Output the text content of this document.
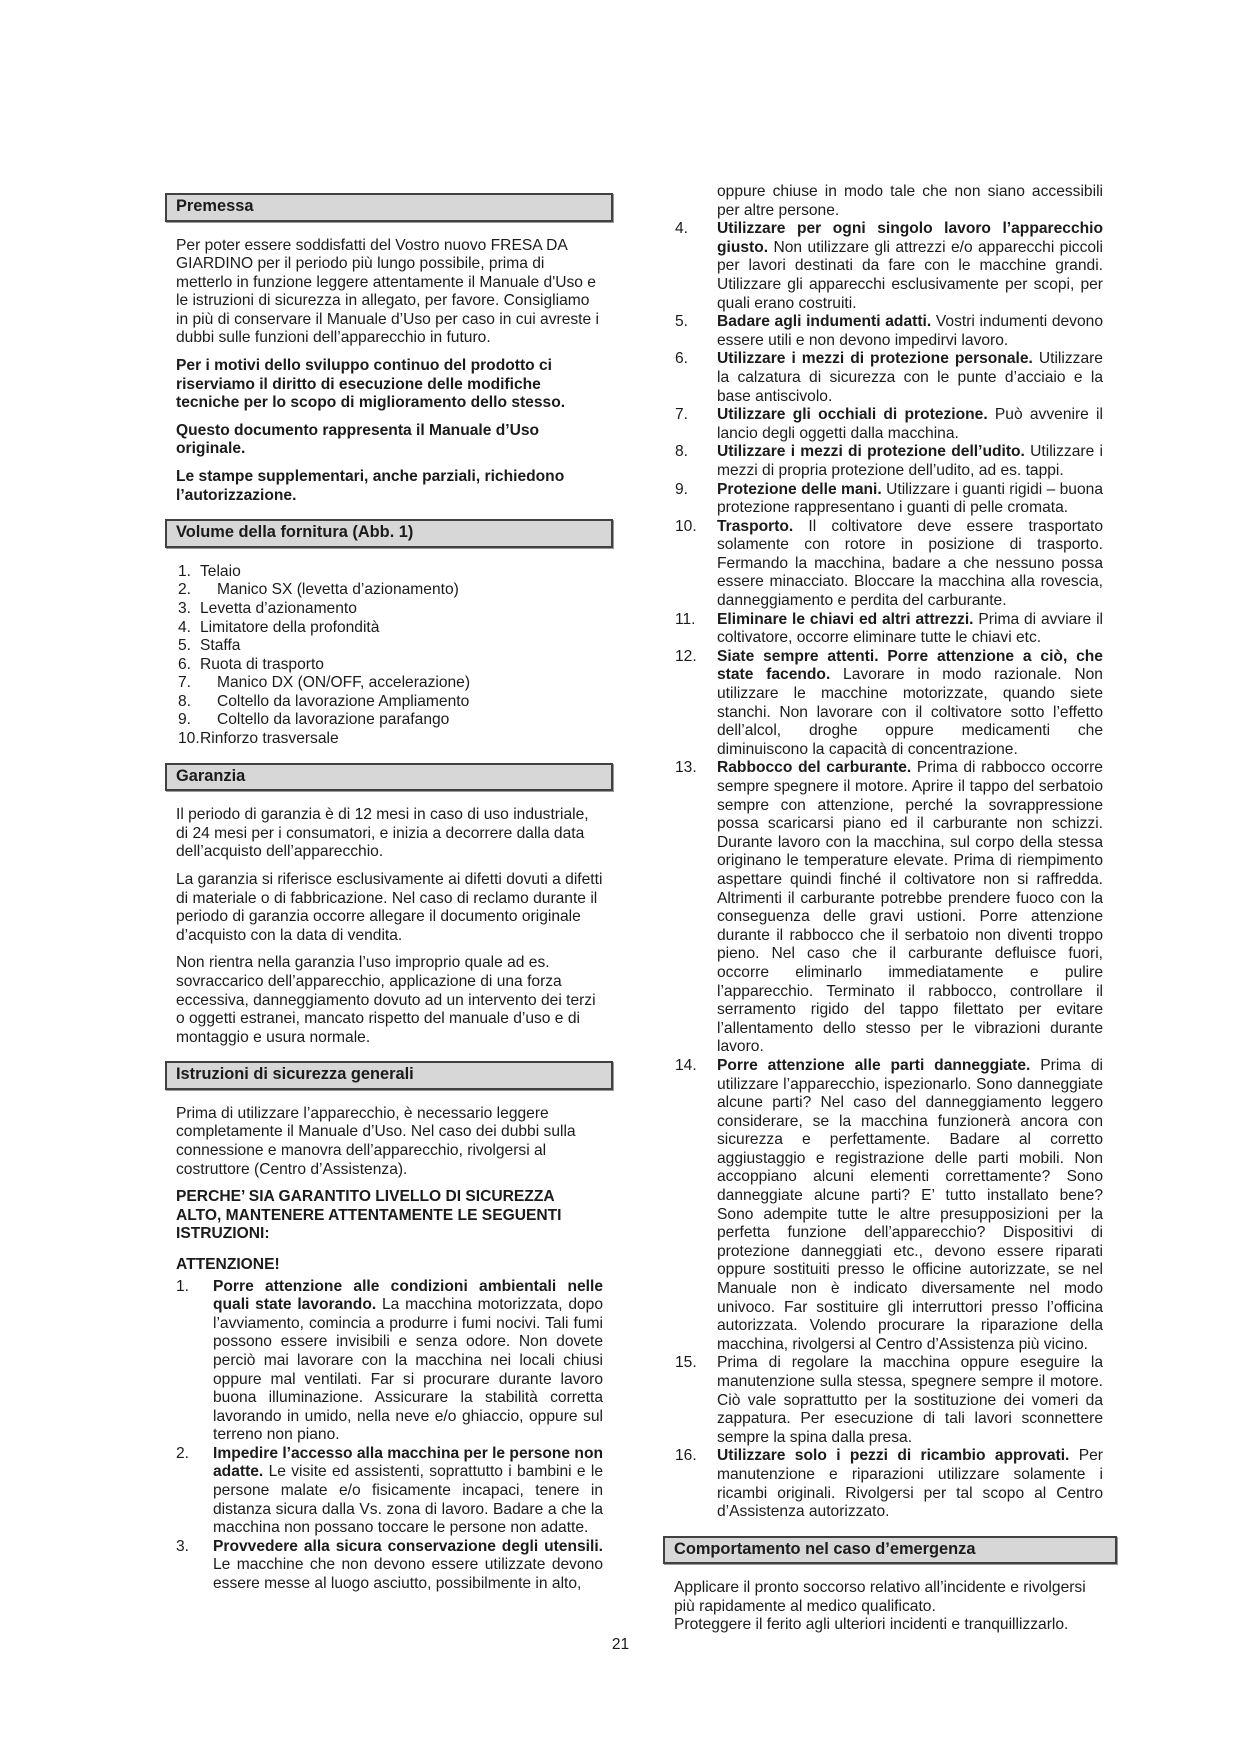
Premessa

Per poter essere soddisfatti del Vostro nuovo FRESA DA GIARDINO per il periodo più lungo possibile, prima di metterlo in funzione leggere attentamente il Manuale d'Uso e le istruzioni di sicurezza in allegato, per favore. Consigliamo in più di conservare il Manuale d’Uso per caso in cui avreste i dubbi sulle funzioni dell’apparecchio in futuro.

Per i motivi dello sviluppo continuo del prodotto ci riserviamo il diritto di esecuzione delle modifiche tecniche per lo scopo di miglioramento dello stesso.

Questo documento rappresenta il Manuale d’Uso originale.

Le stampe supplementari, anche parziali, richiedono l’autorizzazione.

Volume della fornitura (Abb. 1)
1. Telaio
2.	Manico SX (levetta d’azionamento)
3. Levetta d’azionamento
4. Limitatore della profondità
5. Staffa
6. Ruota di trasporto
7.	Manico DX (ON/OFF, accelerazione)
8.	Coltello da lavorazione Ampliamento
9.	Coltello da lavorazione parafango
10. Rinforzo trasversale
Garanzia

Il periodo di garanzia è di 12 mesi in caso di uso industriale, di 24 mesi per i consumatori, e inizia a decorrere dalla data dell’acquisto dell’apparecchio.

La garanzia si riferisce esclusivamente ai difetti dovuti a difetti di materiale o di fabbricazione. Nel caso di reclamo durante il periodo di garanzia occorre allegare il documento originale d’acquisto con la data di vendita.

Non rientra nella garanzia l’uso improprio quale ad es. sovraccarico dell’apparecchio, applicazione di una forza eccessiva, danneggiamento dovuto ad un intervento dei terzi o oggetti estranei, mancato rispetto del manuale d’uso e di montaggio e usura normale.

Istruzioni di sicurezza generali

Prima di utilizzare l’apparecchio, è necessario leggere completamente il Manuale d’Uso. Nel caso dei dubbi sulla connessione e manovra dell’apparecchio, rivolgersi al costruttore (Centro d’Assistenza).

PERCHE’ SIA GARANTITO LIVELLO DI SICUREZZA ALTO, MANTENERE ATTENTAMENTE LE SEGUENTI ISTRUZIONI:

ATTENZIONE!

1.	Porre attenzione alle condizioni ambientali nelle quali state lavorando. La macchina motorizzata, dopo l’avviamento, comincia a produrre i fumi nocivi. Tali fumi possono essere invisibili e senza odore. Non dovete perciò mai lavorare con la macchina nei locali chiusi oppure mal ventilati. Far si procurare durante lavoro buona illuminazione. Assicurare la stabilità corretta lavorando in umido, nella neve e/o ghiaccio, oppure sul terreno non piano.
2.	Impedire l’accesso alla macchina per le persone non adatte. Le visite ed assistenti, soprattutto i bambini e le persone malate e/o fisicamente incapaci, tenere in distanza sicura dalla Vs. zona di lavoro. Badare a che la macchina non possano toccare le persone non adatte.
3.	Provvedere alla sicura conservazione degli utensili. Le macchine che non devono essere utilizzate devono essere messe al luogo asciutto, possibilmente in alto,

oppure chiuse in modo tale che non siano accessibili per altre persone.

4.	Utilizzare per ogni singolo lavoro l’apparecchio giusto. Non utilizzare gli attrezzi e/o apparecchi piccoli per lavori destinati da fare con le macchine grandi. Utilizzare gli apparecchi esclusivamente per scopi, per quali erano costruiti.
5.	Badare agli indumenti adatti. Vostri indumenti devono essere utili e non devono impedirvi lavoro.
6.	Utilizzare i mezzi di protezione personale. Utilizzare la calzatura di sicurezza con le punte d’acciaio e la base antiscivolo.
7.	Utilizzare gli occhiali di protezione. Può avvenire il lancio degli oggetti dalla macchina.
8.	Utilizzare i mezzi di protezione dell’udito. Utilizzare i mezzi di propria protezione dell’udito, ad es. tappi.
9.	Protezione delle mani. Utilizzare i guanti rigidi – buona protezione rappresentano i guanti di pelle cromata.
10.	Trasporto. Il coltivatore deve essere trasportato solamente con rotore in posizione di trasporto. Fermando la macchina, badare a che nessuno possa essere minacciato. Bloccare la macchina alla rovescia, danneggiamento e perdita del carburante.
11.	Eliminare le chiavi ed altri attrezzi. Prima di avviare il coltivatore, occorre eliminare tutte le chiavi etc.
12.	Siate sempre attenti. Porre attenzione a ciò, che state facendo. Lavorare in modo razionale. Non utilizzare le macchine motorizzate, quando siete stanchi. Non lavorare con il coltivatore sotto l’effetto dell’alcol, droghe oppure medicamenti che diminuiscono la capacità di concentrazione.
13.	Rabbocco del carburante. Prima di rabbocco occorre sempre spegnere il motore. Aprire il tappo del serbatoio sempre con attenzione, perché la sovrappressione possa scaricarsi piano ed il carburante non schizzi. Durante lavoro con la macchina, sul corpo della stessa originano le temperature elevate. Prima di riempimento aspettare quindi finché il coltivatore non si raffredda. Altrimenti il carburante potrebbe prendere fuoco con la conseguenza delle gravi ustioni. Porre attenzione durante il rabbocco che il serbatoio non diventi troppo pieno. Nel caso che il carburante defluisce fuori, occorre eliminarlo immediatamente e pulire l’apparecchio. Terminato il rabbocco, controllare il serramento rigido del tappo filettato per evitare l’allentamento dello stesso per le vibrazioni durante lavoro.
14.	Porre attenzione alle parti danneggiate. Prima di utilizzare l’apparecchio, ispezionarlo. Sono danneggiate alcune parti? Nel caso del danneggiamento leggero considerare, se la macchina funzionerà ancora con sicurezza e perfettamente. Badare al corretto aggiustaggio e registrazione delle parti mobili. Non accoppiano alcuni elementi correttamente? Sono danneggiate alcune parti? E’ tutto installato bene? Sono adempite tutte le altre presupposizioni per la perfetta funzione dell’apparecchio? Dispositivi di protezione danneggiati etc., devono essere riparati oppure sostituiti presso le officine autorizzate, se nel Manuale non è indicato diversamente nel modo univoco. Far sostituire gli interruttori presso l’officina autorizzata. Volendo procurare la riparazione della macchina, rivolgersi al Centro d’Assistenza più vicino.
15.	Prima di regolare la macchina oppure eseguire la manutenzione sulla stessa, spegnere sempre il motore. Ciò vale soprattutto per la sostituzione dei vomeri da zappatura. Per esecuzione di tali lavori sconnettere sempre la spina dalla presa.
16.	Utilizzare solo i pezzi di ricambio approvati. Per manutenzione e riparazioni utilizzare solamente i ricambi originali. Rivolgersi per tal scopo al Centro d’Assistenza autorizzato.
Comportamento nel caso d’emergenza

Applicare il pronto soccorso relativo all’incidente e rivolgersi più rapidamente al medico qualificato.

Proteggere il ferito agli ulteriori incidenti e tranquillizzarlo.

21
